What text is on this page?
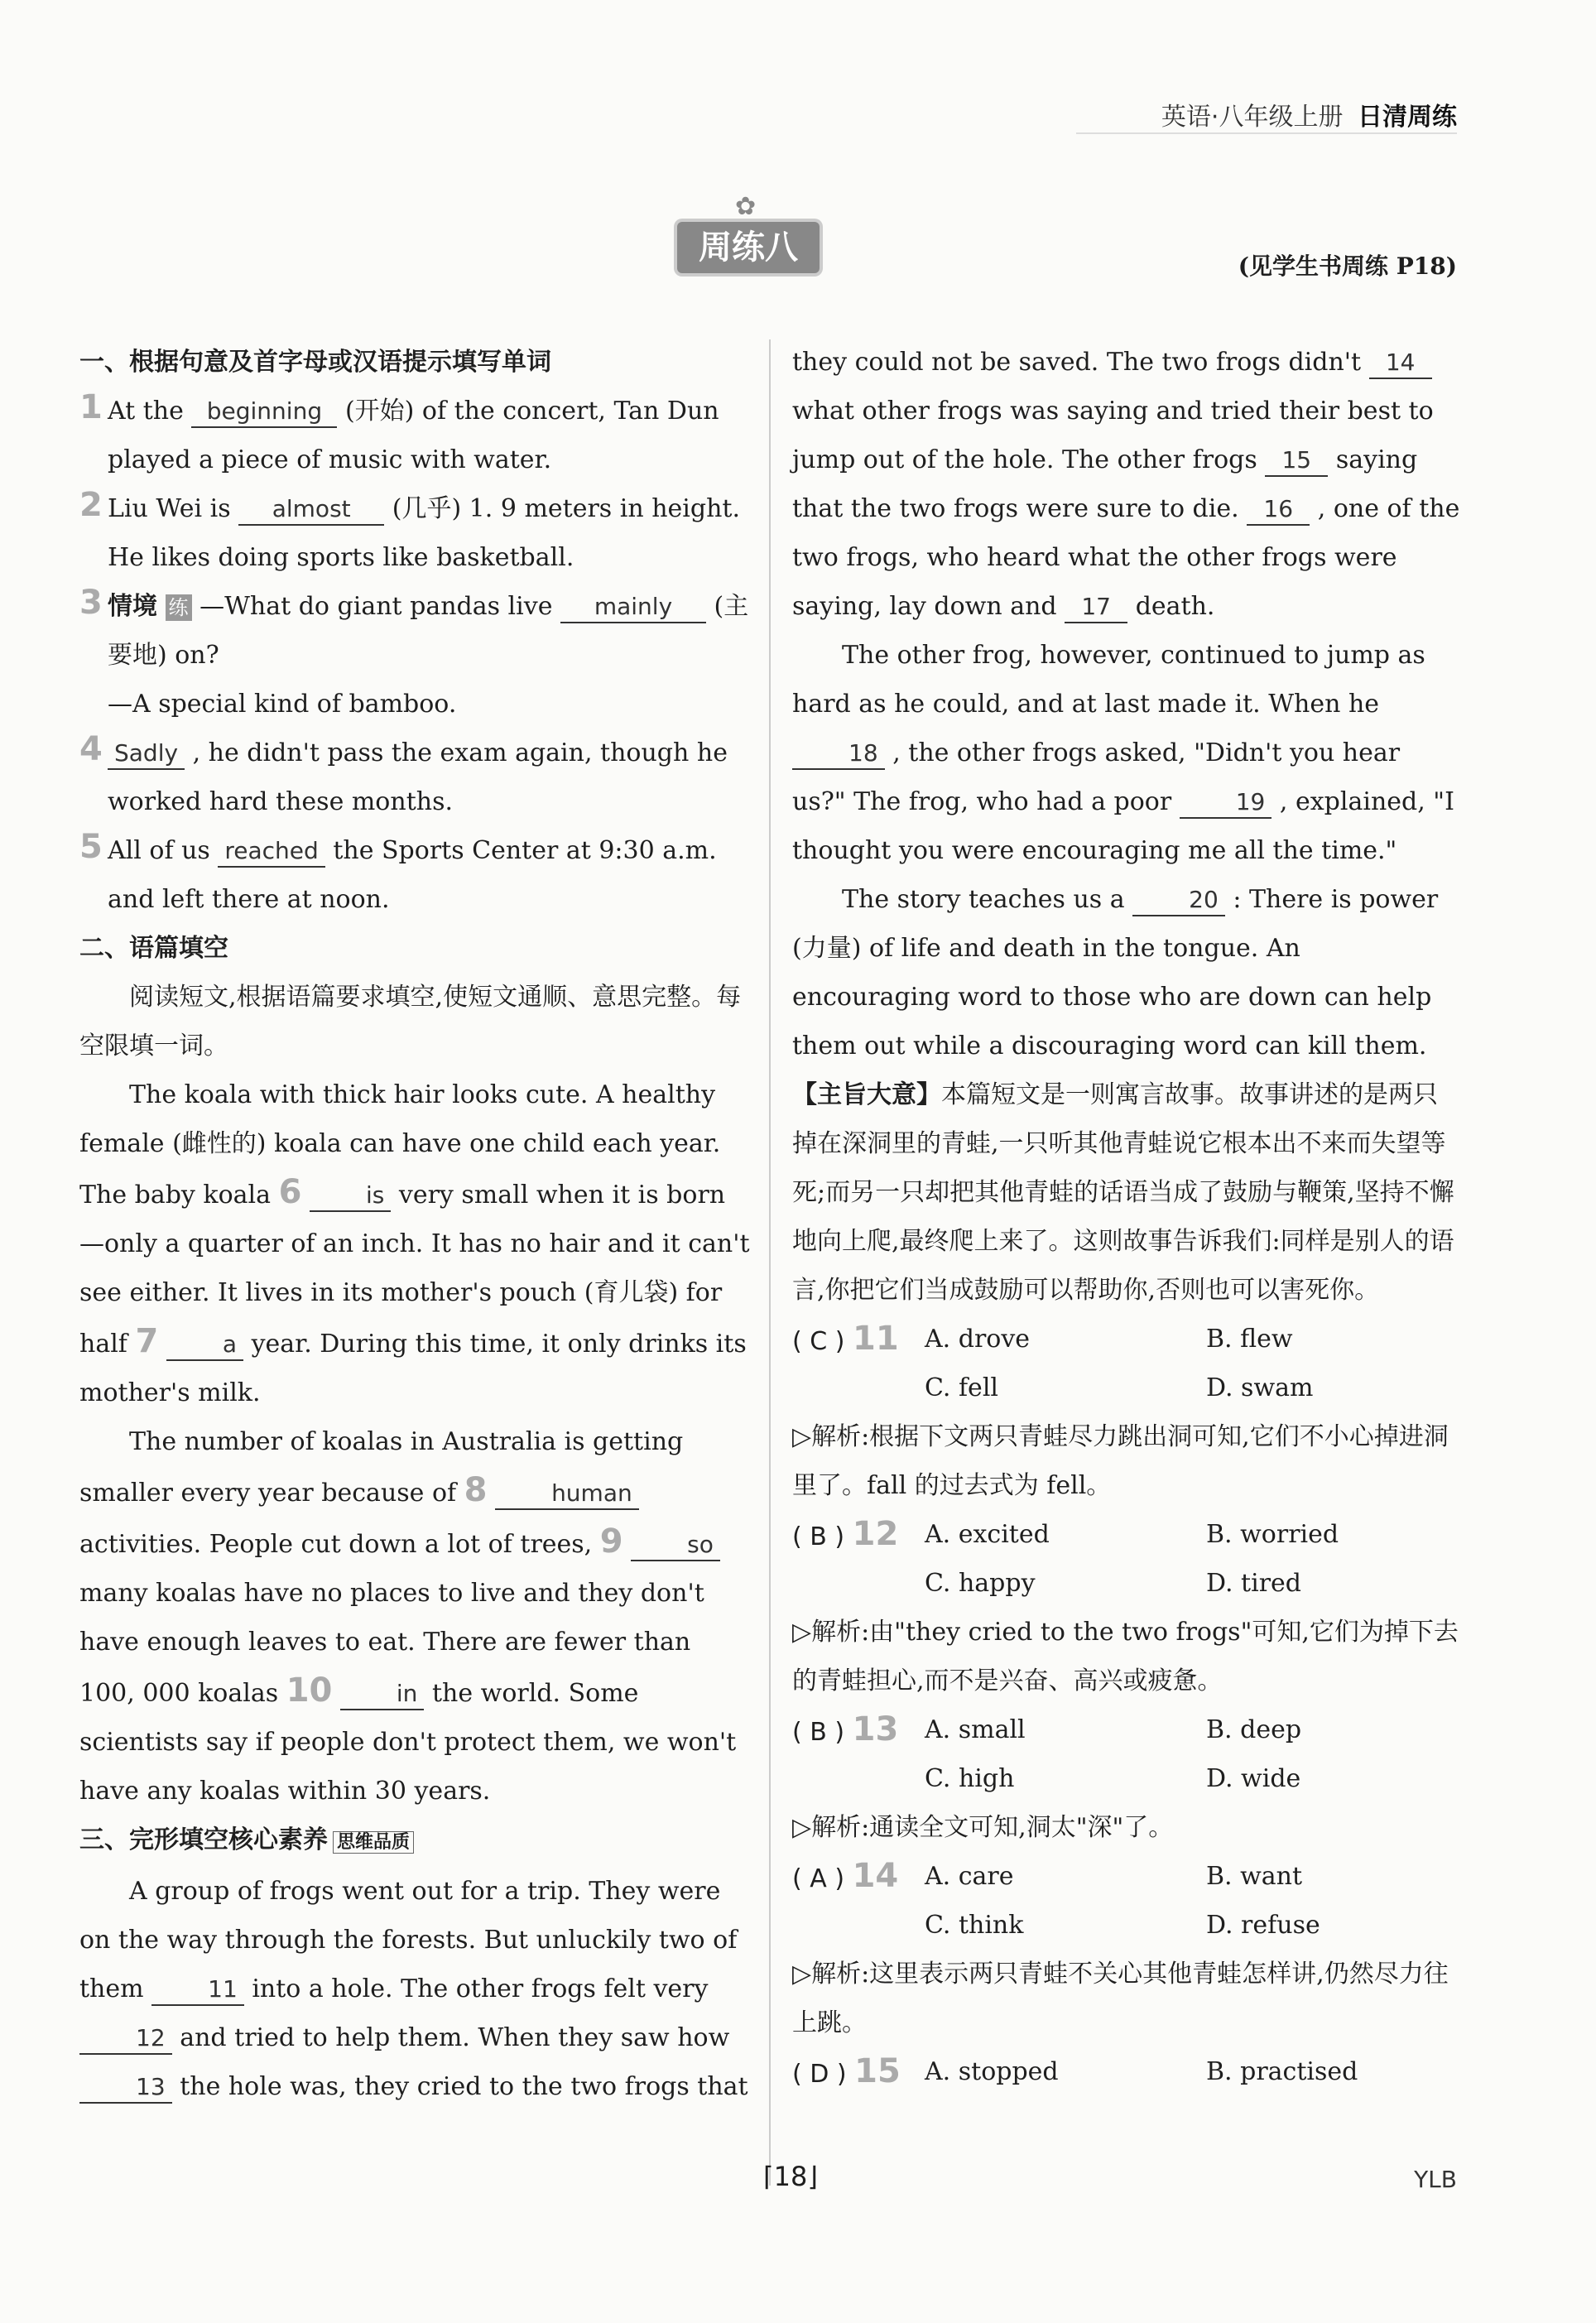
英语·八年级上册 日清周练
✿
周练八	(见学生书周练 P18)
一、根据句意及首字母或汉语提示填写单词
1 At the beginning (开始) of the concert, Tan Dun played a piece of music with water.
2 Liu Wei is almost (几乎) 1. 9 meters in height. He likes doing sports like basketball.
3 情境 练 —What do giant pandas live mainly (主要地) on?
—A special kind of bamboo.
4 Sadly , he didn't pass the exam again, though he worked hard these months.
5 All of us reached the Sports Center at 9:30 a.m. and left there at noon.
二、语篇填空
阅读短文,根据语篇要求填空,使短文通顺、意思完整。每空限填一词。
The koala with thick hair looks cute. A healthy female (雌性的) koala can have one child each year. The baby koala 6	is very small when it is born—only a quarter of an inch. It has no hair and it can't see either. It lives in its mother's pouch (育儿袋) for half 7	a year. During this time, it only drinks its mother's milk.
The number of koalas in Australia is getting smaller every year because of 8	human activities. People cut down a lot of trees, 9	so many koalas have no places to live and they don't have enough leaves to eat. There are fewer than 100, 000 koalas 10	in the world. Some scientists say if people don't protect them, we won't have any koalas within 30 years.
三、完形填空核心素养 思维品质
A group of frogs went out for a trip. They were on the way through the forests. But unluckily two of them	11 into a hole. The other frogs felt very 12 and tried to help them. When they saw how 13 the hole was, they cried to the two frogs that
they could not be saved. The two frogs didn't 14 what other frogs was saying and tried their best to jump out of the hole. The other frogs 15 saying that the two frogs were sure to die. 16 , one of the two frogs, who heard what the other frogs were saying, lay down and 17 death.
The other frog, however, continued to jump as hard as he could, and at last made it. When he 18 , the other frogs asked, "Didn't you hear us?" The frog, who had a poor	19 , explained, "I thought you were encouraging me all the time."
The story teaches us a	20 : There is power (力量) of life and death in the tongue. An encouraging word to those who are down can help them out while a discouraging word can kill them.
【主旨大意】本篇短文是一则寓言故事。故事讲述的是两只掉在深洞里的青蛙,一只听其他青蛙说它根本出不来而失望等死;而另一只却把其他青蛙的话语当成了鼓励与鞭策,坚持不懈地向上爬,最终爬上来了。这则故事告诉我们:同样是别人的语言,你把它们当成鼓励可以帮助你,否则也可以害死你。
( C ) 11	A. drove	B. flew
C. fell	D. swam
▷解析:根据下文两只青蛙尽力跳出洞可知,它们不小心掉进洞里了。fall 的过去式为 fell。
( B ) 12	A. excited	B. worried
C. happy	D. tired
▷解析:由"they cried to the two frogs"可知,它们为掉下去的青蛙担心,而不是兴奋、高兴或疲惫。
( B ) 13	A. small	B. deep
C. high	D. wide
▷解析:通读全文可知,洞太"深"了。
( A ) 14	A. care	B. want
C. think	D. refuse
▷解析:这里表示两只青蛙不关心其他青蛙怎样讲,仍然尽力往上跳。
( D ) 15 A. stopped	B. practised
⌈18⌋	YLB
